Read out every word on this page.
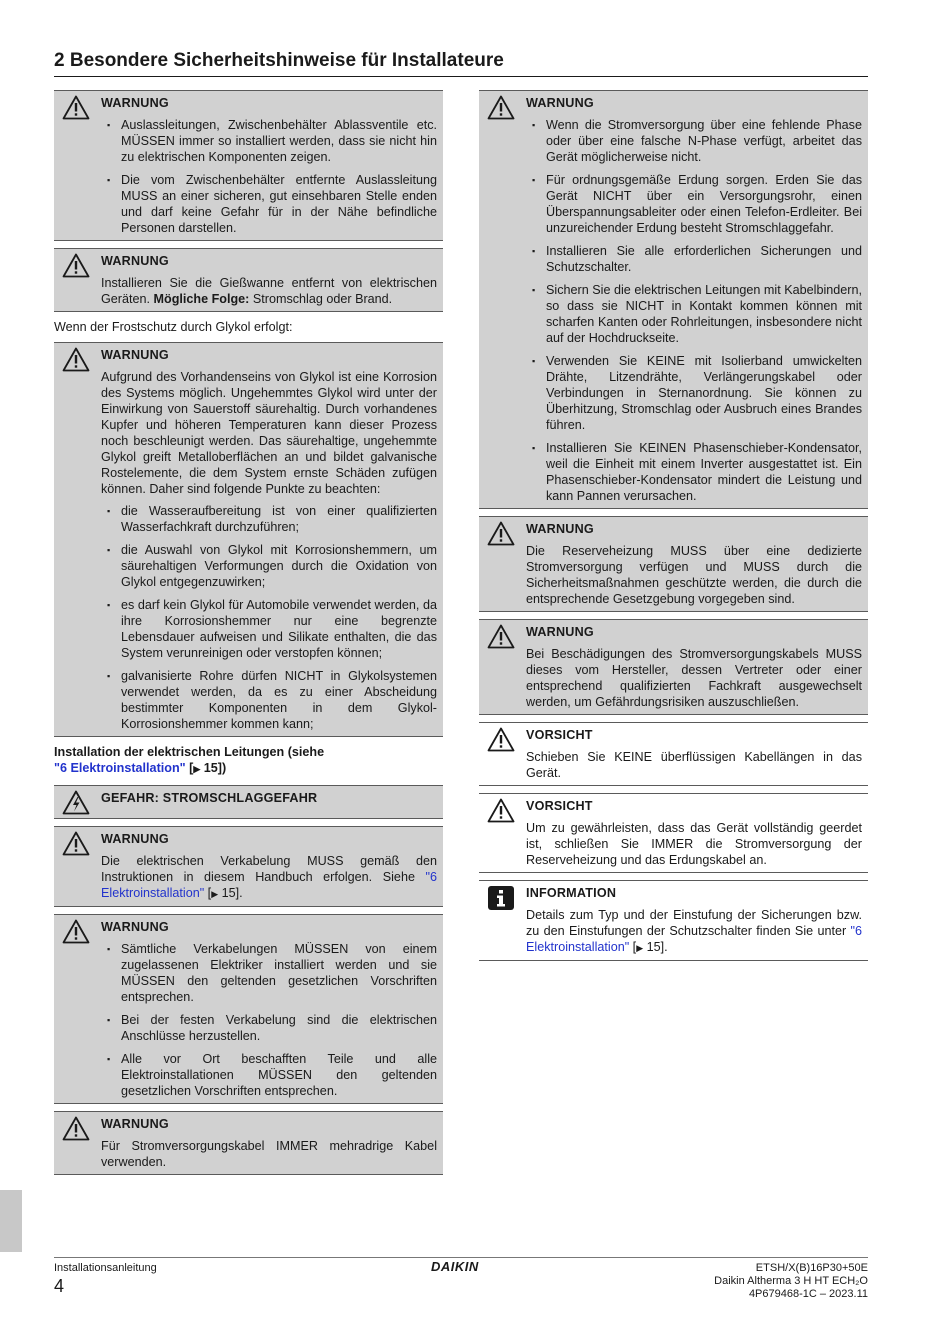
2 Besondere Sicherheitshinweise für Installateure
WARNUNG
▪ Auslassleitungen, Zwischenbehälter Ablassventile etc. MÜSSEN immer so installiert werden, dass sie nicht hin zu elektrischen Komponenten zeigen.
▪ Die vom Zwischenbehälter entfernte Auslassleitung MUSS an einer sicheren, gut einsehbaren Stelle enden und darf keine Gefahr für in der Nähe befindliche Personen darstellen.
WARNUNG

Installieren Sie die Gießwanne entfernt von elektrischen Geräten. Mögliche Folge: Stromschlag oder Brand.

Wenn der Frostschutz durch Glykol erfolgt:

WARNUNG

Aufgrund des Vorhandenseins von Glykol ist eine Korrosion des Systems möglich. Ungehemmtes Glykol wird unter der Einwirkung von Sauerstoff säurehaltig. Durch vorhandenes Kupfer und höheren Temperaturen kann dieser Prozess noch beschleunigt werden. Das säurehaltige, ungehemmte Glykol greift Metalloberflächen an und bildet galvanische Rostelemente, die dem System ernste Schäden zufügen können. Daher sind folgende Punkte zu beachten:

▪ die Wasseraufbereitung ist von einer qualifizierten Wasserfachkraft durchzuführen;
▪ die Auswahl von Glykol mit Korrosionshemmern, um säurehaltigen Verformungen durch die Oxidation von Glykol entgegenzuwirken;
▪ es darf kein Glykol für Automobile verwendet werden, da ihre Korrosionshemmer nur eine begrenzte Lebensdauer aufweisen und Silikate enthalten, die das System verunreinigen oder verstopfen können;
▪ galvanisierte Rohre dürfen NICHT in Glykolsystemen verwendet werden, da es zu einer Abscheidung bestimmter Komponenten in dem Glykol-Korrosionshemmer kommen kann;
Installation der elektrischen Leitungen (siehe
"6 Elektroinstallation" [▶ 15])
GEFAHR: STROMSCHLAGGEFAHR
WARNUNG

Die elektrischen Verkabelung MUSS gemäß den Instruktionen in diesem Handbuch erfolgen. Siehe "6 Elektroinstallation" [▶ 15].

WARNUNG
▪ Sämtliche Verkabelungen MÜSSEN von einem zugelassenen Elektriker installiert werden und sie MÜSSEN den geltenden gesetzlichen Vorschriften entsprechen.
▪ Bei der festen Verkabelung sind die elektrischen Anschlüsse herzustellen.
▪ Alle vor Ort beschafften Teile und alle Elektroinstallationen MÜSSEN den geltenden gesetzlichen Vorschriften entsprechen.
WARNUNG

Für Stromversorgungskabel IMMER mehradrige Kabel verwenden.

WARNUNG
▪ Wenn die Stromversorgung über eine fehlende Phase oder über eine falsche N-Phase verfügt, arbeitet das Gerät möglicherweise nicht.
▪ Für ordnungsgemäße Erdung sorgen. Erden Sie das Gerät NICHT über ein Versorgungsrohr, einen Überspannungsableiter oder einen Telefon-Erdleiter. Bei unzureichender Erdung besteht Stromschlaggefahr.
▪ Installieren Sie alle erforderlichen Sicherungen und Schutzschalter.
▪ Sichern Sie die elektrischen Leitungen mit Kabelbindern, so dass sie NICHT in Kontakt kommen können mit scharfen Kanten oder Rohrleitungen, insbesondere nicht auf der Hochdruckseite.
▪ Verwenden Sie KEINE mit Isolierband umwickelten Drähte, Litzendrähte, Verlängerungskabel oder Verbindungen in Sternanordnung. Sie können zu Überhitzung, Stromschlag oder Ausbruch eines Brandes führen.
▪ Installieren Sie KEINEN Phasenschieber-Kondensator, weil die Einheit mit einem Inverter ausgestattet ist. Ein Phasenschieber-Kondensator mindert die Leistung und kann Pannen verursachen.
WARNUNG

Die Reserveheizung MUSS über eine dedizierte Stromversorgung verfügen und MUSS durch die Sicherheitsmaßnahmen geschützte werden, die durch die entsprechende Gesetzgebung vorgegeben sind.

WARNUNG

Bei Beschädigungen des Stromversorgungskabels MUSS dieses vom Hersteller, dessen Vertreter oder einer entsprechend qualifizierten Fachkraft ausgewechselt werden, um Gefährdungsrisiken auszuschließen.

VORSICHT

Schieben Sie KEINE überflüssigen Kabellängen in das Gerät.

VORSICHT

Um zu gewährleisten, dass das Gerät vollständig geerdet ist, schließen Sie IMMER die Stromversorgung der Reserveheizung und das Erdungskabel an.

INFORMATION

Details zum Typ und der Einstufung der Sicherungen bzw. zu den Einstufungen der Schutzschalter finden Sie unter "6 Elektroinstallation" [▶ 15].

Installationsanleitung
4
DAIKIN	ETSH/X(B)16P30+50E
Daikin Altherma 3 H HT ECH₂O
4P679468-1C – 2023.11
